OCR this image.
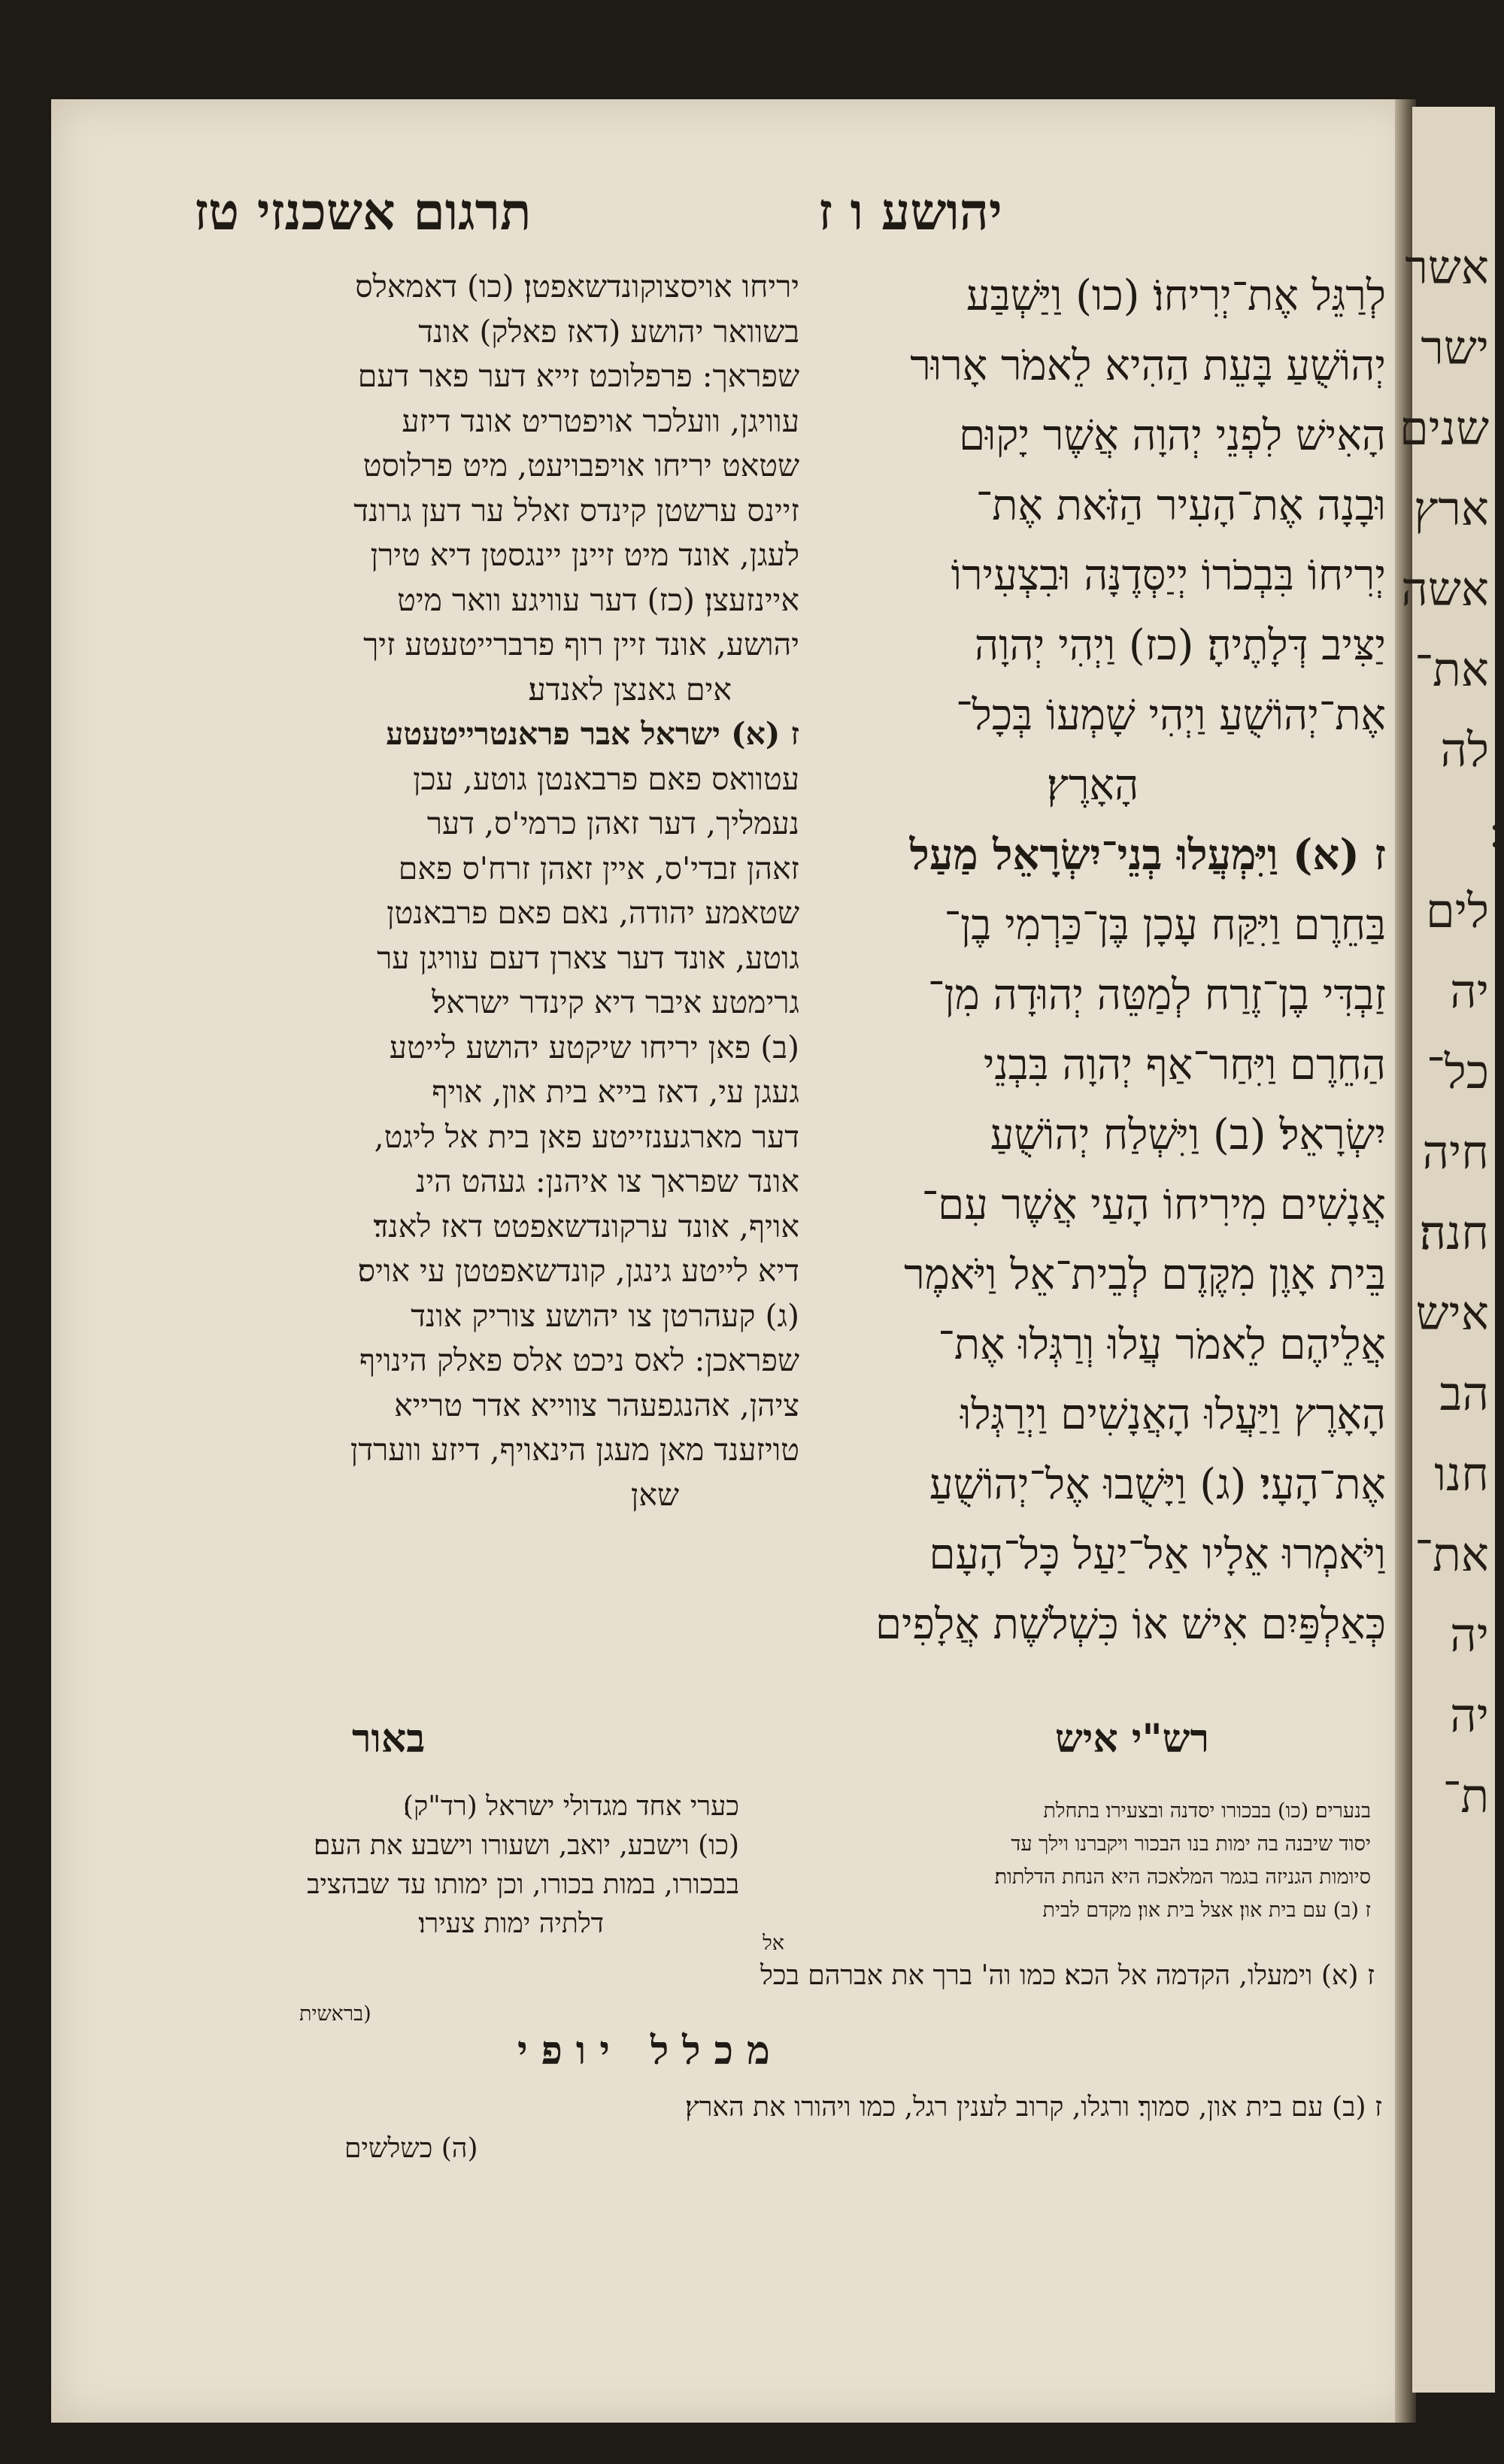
יהושע ו ז
תרגום אשכנזי טז
לְרַגֵּל אֶת־יְרִיחוֹ׃ (כו) וַיַּשְׁבַּע
יְהוֹשֻׁעַ בָּעֵת הַהִיא לֵאמֹר אָרוּר
הָאִישׁ לִפְנֵי יְהוָה אֲשֶׁר יָקוּם
וּבָנָה אֶת־הָעִיר הַזֹּאת אֶת־
יְרִיחוֹ בִּבְכֹרוֹ יְיַסְּדֶנָּה וּבִצְעִירוֹ
יַצִּיב דְּלָתֶיהָ׃ (כז) וַיְהִי יְהוָה
אֶת־יְהוֹשֻׁעַ וַיְהִי שָׁמְעוֹ בְּכָל־
הָאָרֶץ׃
ז (א) וַיִּמְעֲלוּ בְנֵי־יִשְׂרָאֵל מַעַל
בַּחֵרֶם וַיִּקַּח עָכָן בֶּן־כַּרְמִי בֶן־
זַבְדִּי בֶן־זֶרַח לְמַטֵּה יְהוּדָה מִן־
הַחֵרֶם וַיִּחַר־אַף יְהוָה בִּבְנֵי
יִשְׂרָאֵל׃ (ב) וַיִּשְׁלַח יְהוֹשֻׁעַ
אֲנָשִׁים מִירִיחוֹ הָעַי אֲשֶׁר עִם־
בֵּית אָוֶן מִקֶּדֶם לְבֵית־אֵל וַיֹּאמֶר
אֲלֵיהֶם לֵאמֹר עֲלוּ וְרַגְּלוּ אֶת־
הָאָרֶץ וַיַּעֲלוּ הָאֲנָשִׁים וַיְרַגְּלוּ
אֶת־הָעָי׃ (ג) וַיָּשֻׁבוּ אֶל־יְהוֹשֻׁעַ
וַיֹּאמְרוּ אֵלָיו אַל־יַעַל כָּל־הָעָם
כְּאַלְפַּיִם אִישׁ אוֹ כִּשְׁלֹשֶׁת אֲלָפִים
יריחו אויסצוקונדשאפטן׃ (כו) דאמאלס
בשוואר יהושע (דאז פאלק) אונד
שפראך: פרפלוכט זייא דער פאר דעם
עוויגן, וועלכר אויפטריט אונד דיזע
שטאט יריחו אויפבויעט, מיט פרלוסט
זיינס ערשטן קינדס זאלל ער דען גרונד
לעגן, אונד מיט זיינן יינגסטן דיא טירן
איינזעצן׃ (כז) דער עוויגע וואר מיט
יהושע, אונד זיין רוף פרברייטעטע זיך
אים גאנצן לאנדע׃
ז (א) ישראל אבר פראנטרייטעטע
עטוואס פאם פרבאנטן גוטע, עכן
נעמליך, דער זאהן כרמי'ס, דער
זאהן זבדי'ס, איין זאהן זרח'ס פאם
שטאמע יהודה, נאם פאם פרבאנטן
גוטע, אונד דער צארן דעם עוויגן ער
גרימטע איבר דיא קינדר ישראל׃
(ב) פאן יריחו שיקטע יהושע לייטע
געגן עי, דאז בייא בית און, אויף
דער מארגענזייטע פאן בית אל ליגט,
אונד שפראך צו איהנן: געהט הינ
אויף, אונד ערקונדשאפטט דאז לאנד׃
דיא לייטע גינגן, קונדשאפטטן עי אויס׃
(ג) קעהרטן צו יהושע צוריק אונד
שפראכן: לאס ניכט אלס פאלק הינויף
ציהן, אהנגפעהר צווייא אדר טרייא
טויזענד מאן מעגן הינאויף, דיזע ווערדן
שאן
רש"י איש
באור
בנערים׃ (כו) בבכורו יסדנה ובצעירו׃ בתחלת
יסוד שיבנה בה ימות בנו הבכור ויקברנו וילך עד
סיומות הגניזה בגמר המלאכה היא הנחת הדלתות׃
ז (ב) עם בית און׃ אצל בית און׃ מקדם לבית
אל
כערי אחד מגדולי ישראל (רד"ק)׃
(כו) וישבע, יואב, ושעורו וישבע את העם׃
בבכורו, במות בכורו, וכן ימותו עד שבהציב
דלתיה ימות צעירו׃
ז (א) וימעלו, הקדמה אל הכא׃ כמו וה' ברך את אברהם בכל
(בראשית
מכלל יופי
ז (ב) עם בית און, סמוך׃ ורגלו, קרוב לענין רגל, כמו ויהורו את הארץ׃
(ה) כשלשים
אשר
ישר
שנים
ארץ
אשה
את־
לה
לים
יה
כל־
חיה
חנה׃
איש
הב
חנו
את־
יה
יה
ת־
